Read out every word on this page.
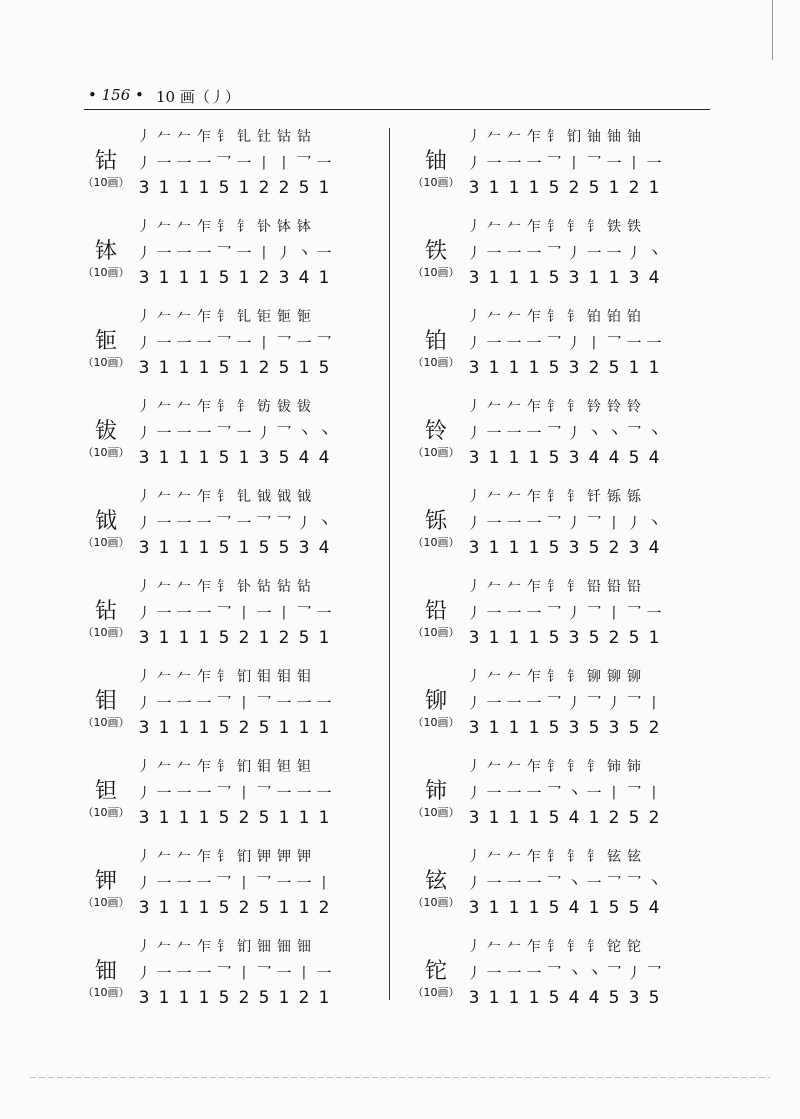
• 156 • 10 画（丿）
钴
（10画）
丿 𠂉 𠂉 乍 钅 钆 钍 钴 钴
丿 一 一 一 乛 一 丨 丨 乛 一
3 1 1 1 5 1 2 2 5 1
钵
（10画）
丿 𠂉 𠂉 乍 钅 钅 钋 钵 钵
丿 一 一 一 乛 一 丨 丿 丶 一
3 1 1 1 5 1 2 3 4 1
钷
（10画）
丿 𠂉 𠂉 乍 钅 钆 钜 钷 钷
丿 一 一 一 乛 一 丨 乛 一 乛
3 1 1 1 5 1 2 5 1 5
钹
（10画）
丿 𠂉 𠂉 乍 钅 钅 钫 钹 钹
丿 一 一 一 乛 一 丿 乛 丶 丶
3 1 1 1 5 1 3 5 4 4
钺
（10画）
丿 𠂉 𠂉 乍 钅 钆 钺 钺 钺
丿 一 一 一 乛 一 乛 乛 丿 丶
3 1 1 1 5 1 5 5 3 4
钻
（10画）
丿 𠂉 𠂉 乍 钅 钋 钻 钻 钻
丿 一 一 一 乛 丨 一 丨 乛 一
3 1 1 1 5 2 1 2 5 1
钼
（10画）
丿 𠂉 𠂉 乍 钅 钔 钼 钼 钼
丿 一 一 一 乛 丨 乛 一 一 一
3 1 1 1 5 2 5 1 1 1
钽
（10画）
丿 𠂉 𠂉 乍 钅 钔 钼 钽 钽
丿 一 一 一 乛 丨 乛 一 一 一
3 1 1 1 5 2 5 1 1 1
钾
（10画）
丿 𠂉 𠂉 乍 钅 钔 钾 钾 钾
丿 一 一 一 乛 丨 乛 一 一 丨
3 1 1 1 5 2 5 1 1 2
钿
（10画）
丿 𠂉 𠂉 乍 钅 钔 钿 钿 钿
丿 一 一 一 乛 丨 乛 一 丨 一
3 1 1 1 5 2 5 1 2 1
铀
（10画）
丿 𠂉 𠂉 乍 钅 钔 铀 铀 铀
丿 一 一 一 乛 丨 乛 一 丨 一
3 1 1 1 5 2 5 1 2 1
铁
（10画）
丿 𠂉 𠂉 乍 钅 钅 钅 铁 铁
丿 一 一 一 乛 丿 一 一 丿 丶
3 1 1 1 5 3 1 1 3 4
铂
（10画）
丿 𠂉 𠂉 乍 钅 钅 铂 铂 铂
丿 一 一 一 乛 丿 丨 乛 一 一
3 1 1 1 5 3 2 5 1 1
铃
（10画）
丿 𠂉 𠂉 乍 钅 钅 钤 铃 铃
丿 一 一 一 乛 丿 丶 丶 乛 丶
3 1 1 1 5 3 4 4 5 4
铄
（10画）
丿 𠂉 𠂉 乍 钅 钅 钎 铄 铄
丿 一 一 一 乛 丿 乛 丨 丿 丶
3 1 1 1 5 3 5 2 3 4
铅
（10画）
丿 𠂉 𠂉 乍 钅 钅 铅 铅 铅
丿 一 一 一 乛 丿 乛 丨 乛 一
3 1 1 1 5 3 5 2 5 1
铆
（10画）
丿 𠂉 𠂉 乍 钅 钅 铆 铆 铆
丿 一 一 一 乛 丿 乛 丿 乛 丨
3 1 1 1 5 3 5 3 5 2
铈
（10画）
丿 𠂉 𠂉 乍 钅 钅 钅 铈 铈
丿 一 一 一 乛 丶 一 丨 乛 丨
3 1 1 1 5 4 1 2 5 2
铉
（10画）
丿 𠂉 𠂉 乍 钅 钅 钅 铉 铉
丿 一 一 一 乛 丶 一 乛 乛 丶
3 1 1 1 5 4 1 5 5 4
铊
（10画）
丿 𠂉 𠂉 乍 钅 钅 钅 铊 铊
丿 一 一 一 乛 丶 丶 乛 丿 乛
3 1 1 1 5 4 4 5 3 5
